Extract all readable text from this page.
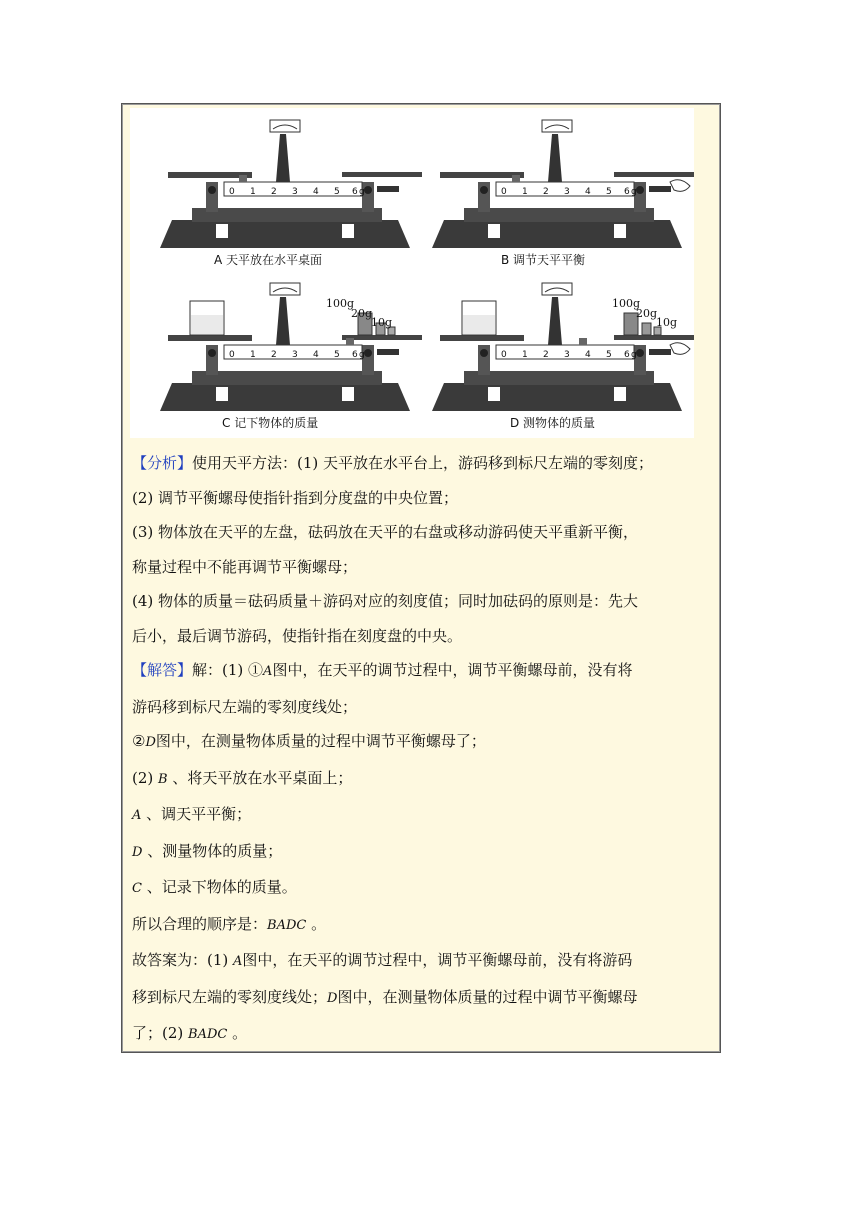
0 1 2 3 4 5 6 g	0 1 2 3 4 5 6 g
0 1 2 3 4 5 6 g	0 1 2 3 4 5 6 g
100g
20g
10g
100g
20g
10g
A 天平放在水平桌面	B 调节天平平衡
C 记下物体的质量	D 测物体的质量

【分析】使用天平方法：(1) 天平放在水平台上，游码移到标尺左端的零刻度；

(2) 调节平衡螺母使指针指到分度盘的中央位置；

(3) 物体放在天平的左盘，砝码放在天平的右盘或移动游码使天平重新平衡，

称量过程中不能再调节平衡螺母；

(4) 物体的质量＝砝码质量＋游码对应的刻度值；同时加砝码的原则是：先大

后小，最后调节游码，使指针指在刻度盘的中央。

【解答】解：(1) ①A图中，在天平的调节过程中，调节平衡螺母前，没有将

游码移到标尺左端的零刻度线处；

②D图中，在测量物体质量的过程中调节平衡螺母了；

(2) B 、将天平放在水平桌面上；

A 、调天平平衡；

D 、测量物体的质量；

C 、记录下物体的质量。

所以合理的顺序是：BADC 。

故答案为：(1) A图中，在天平的调节过程中，调节平衡螺母前，没有将游码

移到标尺左端的零刻度线处；D图中，在测量物体质量的过程中调节平衡螺母

了；(2) BADC 。
